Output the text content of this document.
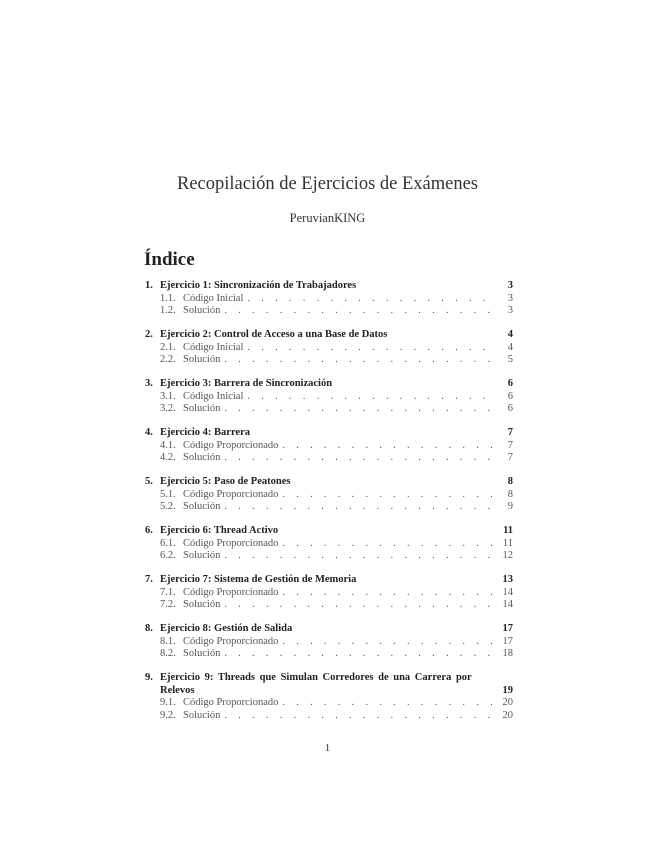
Recopilación de Ejercicios de Exámenes
PeruvianKING
Índice
1. Ejercicio 1: Sincronización de Trabajadores	3
1.1. Código Inicial . . .	3
1.2. Solución . . .	3
2. Ejercicio 2: Control de Acceso a una Base de Datos	4
2.1. Código Inicial . . .	4
2.2. Solución . . .	5
3. Ejercicio 3: Barrera de Sincronización	6
3.1. Código Inicial . . .	6
3.2. Solución . . .	6
4. Ejercicio 4: Barrera	7
4.1. Código Proporcionado . . .	7
4.2. Solución . . .	7
5. Ejercicio 5: Paso de Peatones	8
5.1. Código Proporcionado . . .	8
5.2. Solución . . .	9
6. Ejercicio 6: Thread Activo	11
6.1. Código Proporcionado . . .	11
6.2. Solución . . .	12
7. Ejercicio 7: Sistema de Gestión de Memoria	13
7.1. Código Proporcionado . . .	14
7.2. Solución . . .	14
8. Ejercicio 8: Gestión de Salida	17
8.1. Código Proporcionado . . .	17
8.2. Solución . . .	18
9. Ejercicio 9: Threads que Simulan Corredores de una Carrera por Relevos	19
9.1. Código Proporcionado . . .	20
9.2. Solución . . .	20
1
